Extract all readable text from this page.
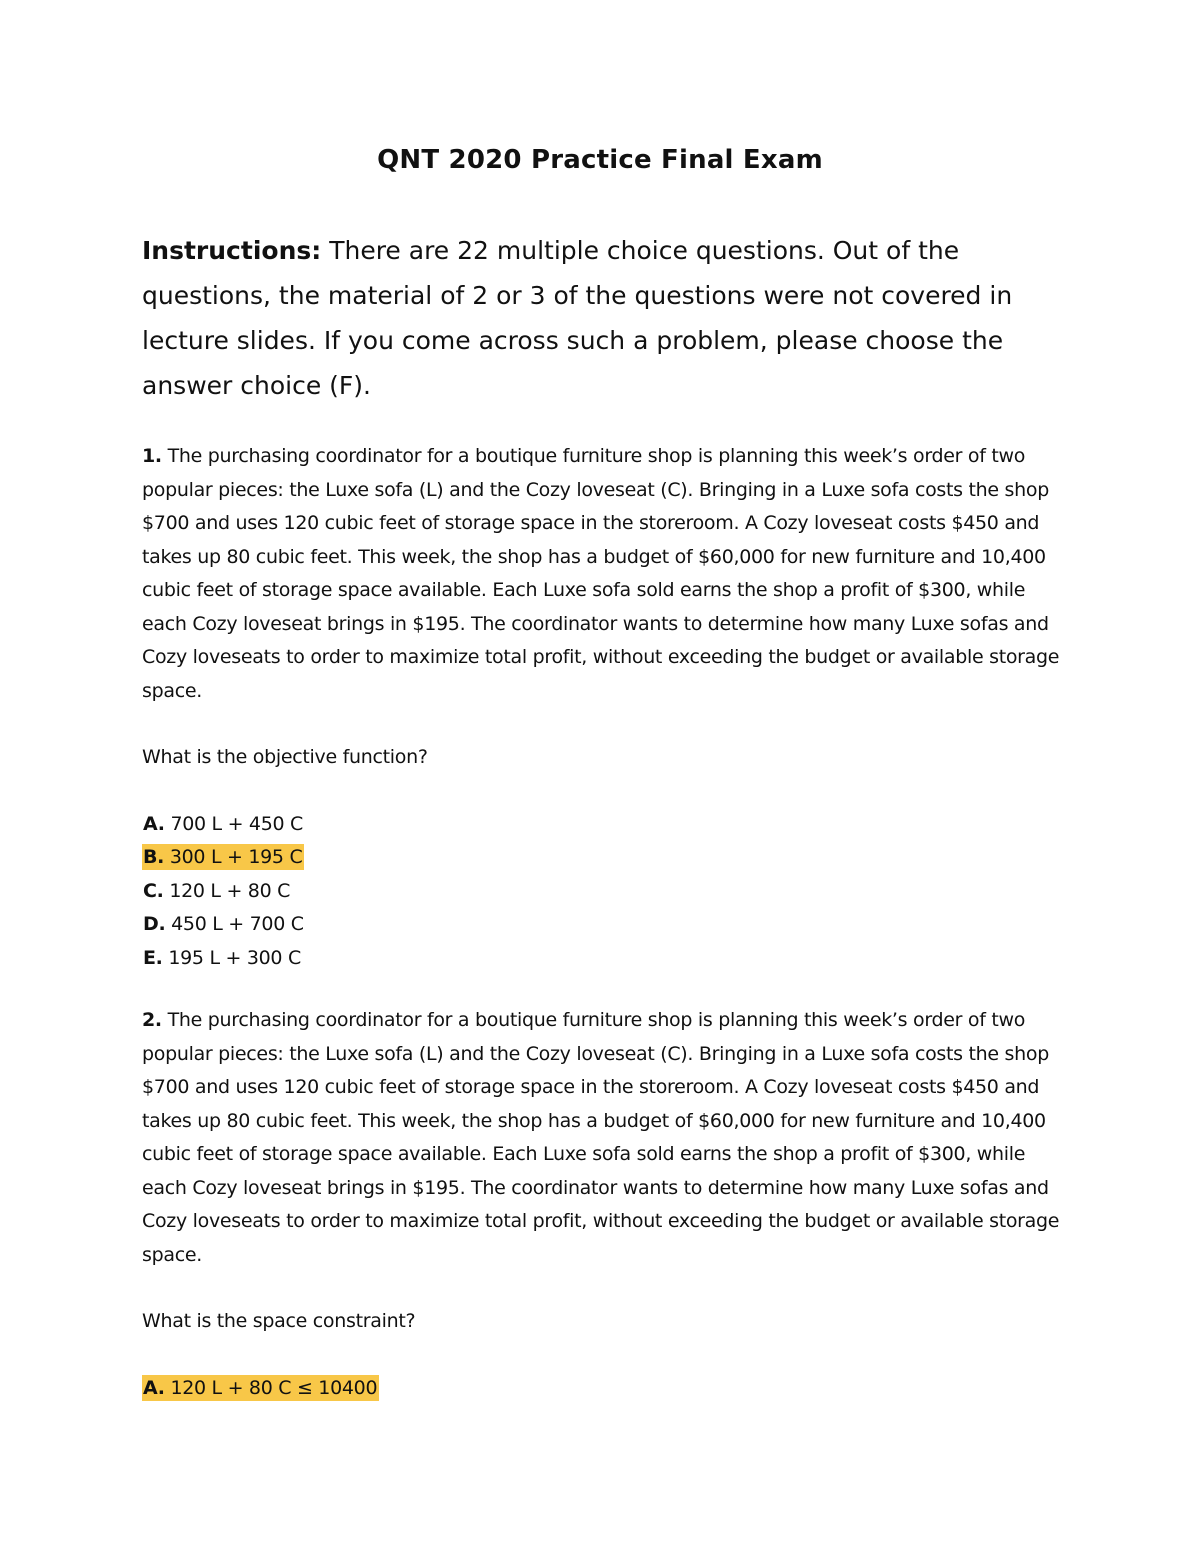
QNT 2020 Practice Final Exam
Instructions: There are 22 multiple choice questions. Out of the questions, the material of 2 or 3 of the questions were not covered in lecture slides. If you come across such a problem, please choose the answer choice (F).

1. The purchasing coordinator for a boutique furniture shop is planning this week’s order of two popular pieces: the Luxe sofa (L) and the Cozy loveseat (C). Bringing in a Luxe sofa costs the shop $700 and uses 120 cubic feet of storage space in the storeroom. A Cozy loveseat costs $450 and takes up 80 cubic feet. This week, the shop has a budget of $60,000 for new furniture and 10,400 cubic feet of storage space available. Each Luxe sofa sold earns the shop a profit of $300, while each Cozy loveseat brings in $195. The coordinator wants to determine how many Luxe sofas and Cozy loveseats to order to maximize total profit, without exceeding the budget or available storage space.

What is the objective function?

A. 700 L + 450 C
B. 300 L + 195 C
C. 120 L + 80 C
D. 450 L + 700 C
E. 195 L + 300 C

2. The purchasing coordinator for a boutique furniture shop is planning this week’s order of two popular pieces: the Luxe sofa (L) and the Cozy loveseat (C). Bringing in a Luxe sofa costs the shop $700 and uses 120 cubic feet of storage space in the storeroom. A Cozy loveseat costs $450 and takes up 80 cubic feet. This week, the shop has a budget of $60,000 for new furniture and 10,400 cubic feet of storage space available. Each Luxe sofa sold earns the shop a profit of $300, while each Cozy loveseat brings in $195. The coordinator wants to determine how many Luxe sofas and Cozy loveseats to order to maximize total profit, without exceeding the budget or available storage space.

What is the space constraint?

A. 120 L + 80 C ≤ 10400
